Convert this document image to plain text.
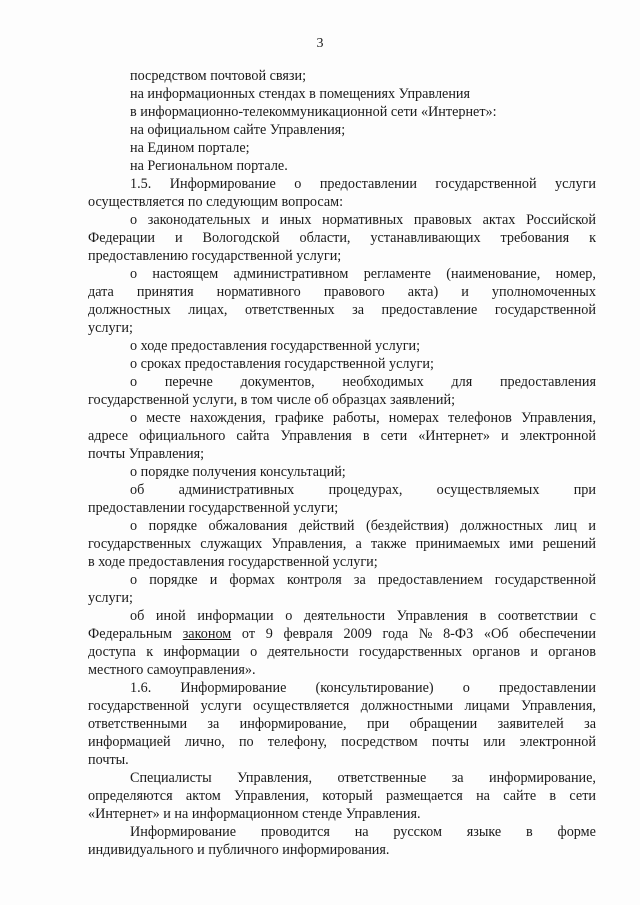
3
посредством почтовой связи;
на информационных стендах в помещениях Управления
в информационно-телекоммуникационной сети «Интернет»:
на официальном сайте Управления;
на Едином портале;
на Региональном портале.
1.5. Информирование о предоставлении государственной услуги
осуществляется по следующим вопросам:
о законодательных и иных нормативных правовых актах Российской
Федерации и Вологодской области, устанавливающих требования к
предоставлению государственной услуги;
о настоящем административном регламенте (наименование, номер,
дата принятия нормативного правового акта) и уполномоченных
должностных лицах, ответственных за предоставление государственной
услуги;
о ходе предоставления государственной услуги;
о сроках предоставления государственной услуги;
о перечне документов, необходимых для предоставления
государственной услуги, в том числе об образцах заявлений;
о месте нахождения, графике работы, номерах телефонов Управления,
адресе официального сайта Управления в сети «Интернет» и электронной
почты Управления;
о порядке получения консультаций;
об административных процедурах, осуществляемых при
предоставлении государственной услуги;
о порядке обжалования действий (бездействия) должностных лиц и
государственных служащих Управления, а также принимаемых ими решений
в ходе предоставления государственной услуги;
о порядке и формах контроля за предоставлением государственной
услуги;
об иной информации о деятельности Управления в соответствии с
Федеральным законом от 9 февраля 2009 года № 8-ФЗ «Об обеспечении
доступа к информации о деятельности государственных органов и органов
местного самоуправления».
1.6. Информирование (консультирование) о предоставлении
государственной услуги осуществляется должностными лицами Управления,
ответственными за информирование, при обращении заявителей за
информацией лично, по телефону, посредством почты или электронной
почты.
Специалисты Управления, ответственные за информирование,
определяются актом Управления, который размещается на сайте в сети
«Интернет» и на информационном стенде Управления.
Информирование проводится на русском языке в форме
индивидуального и публичного информирования.
